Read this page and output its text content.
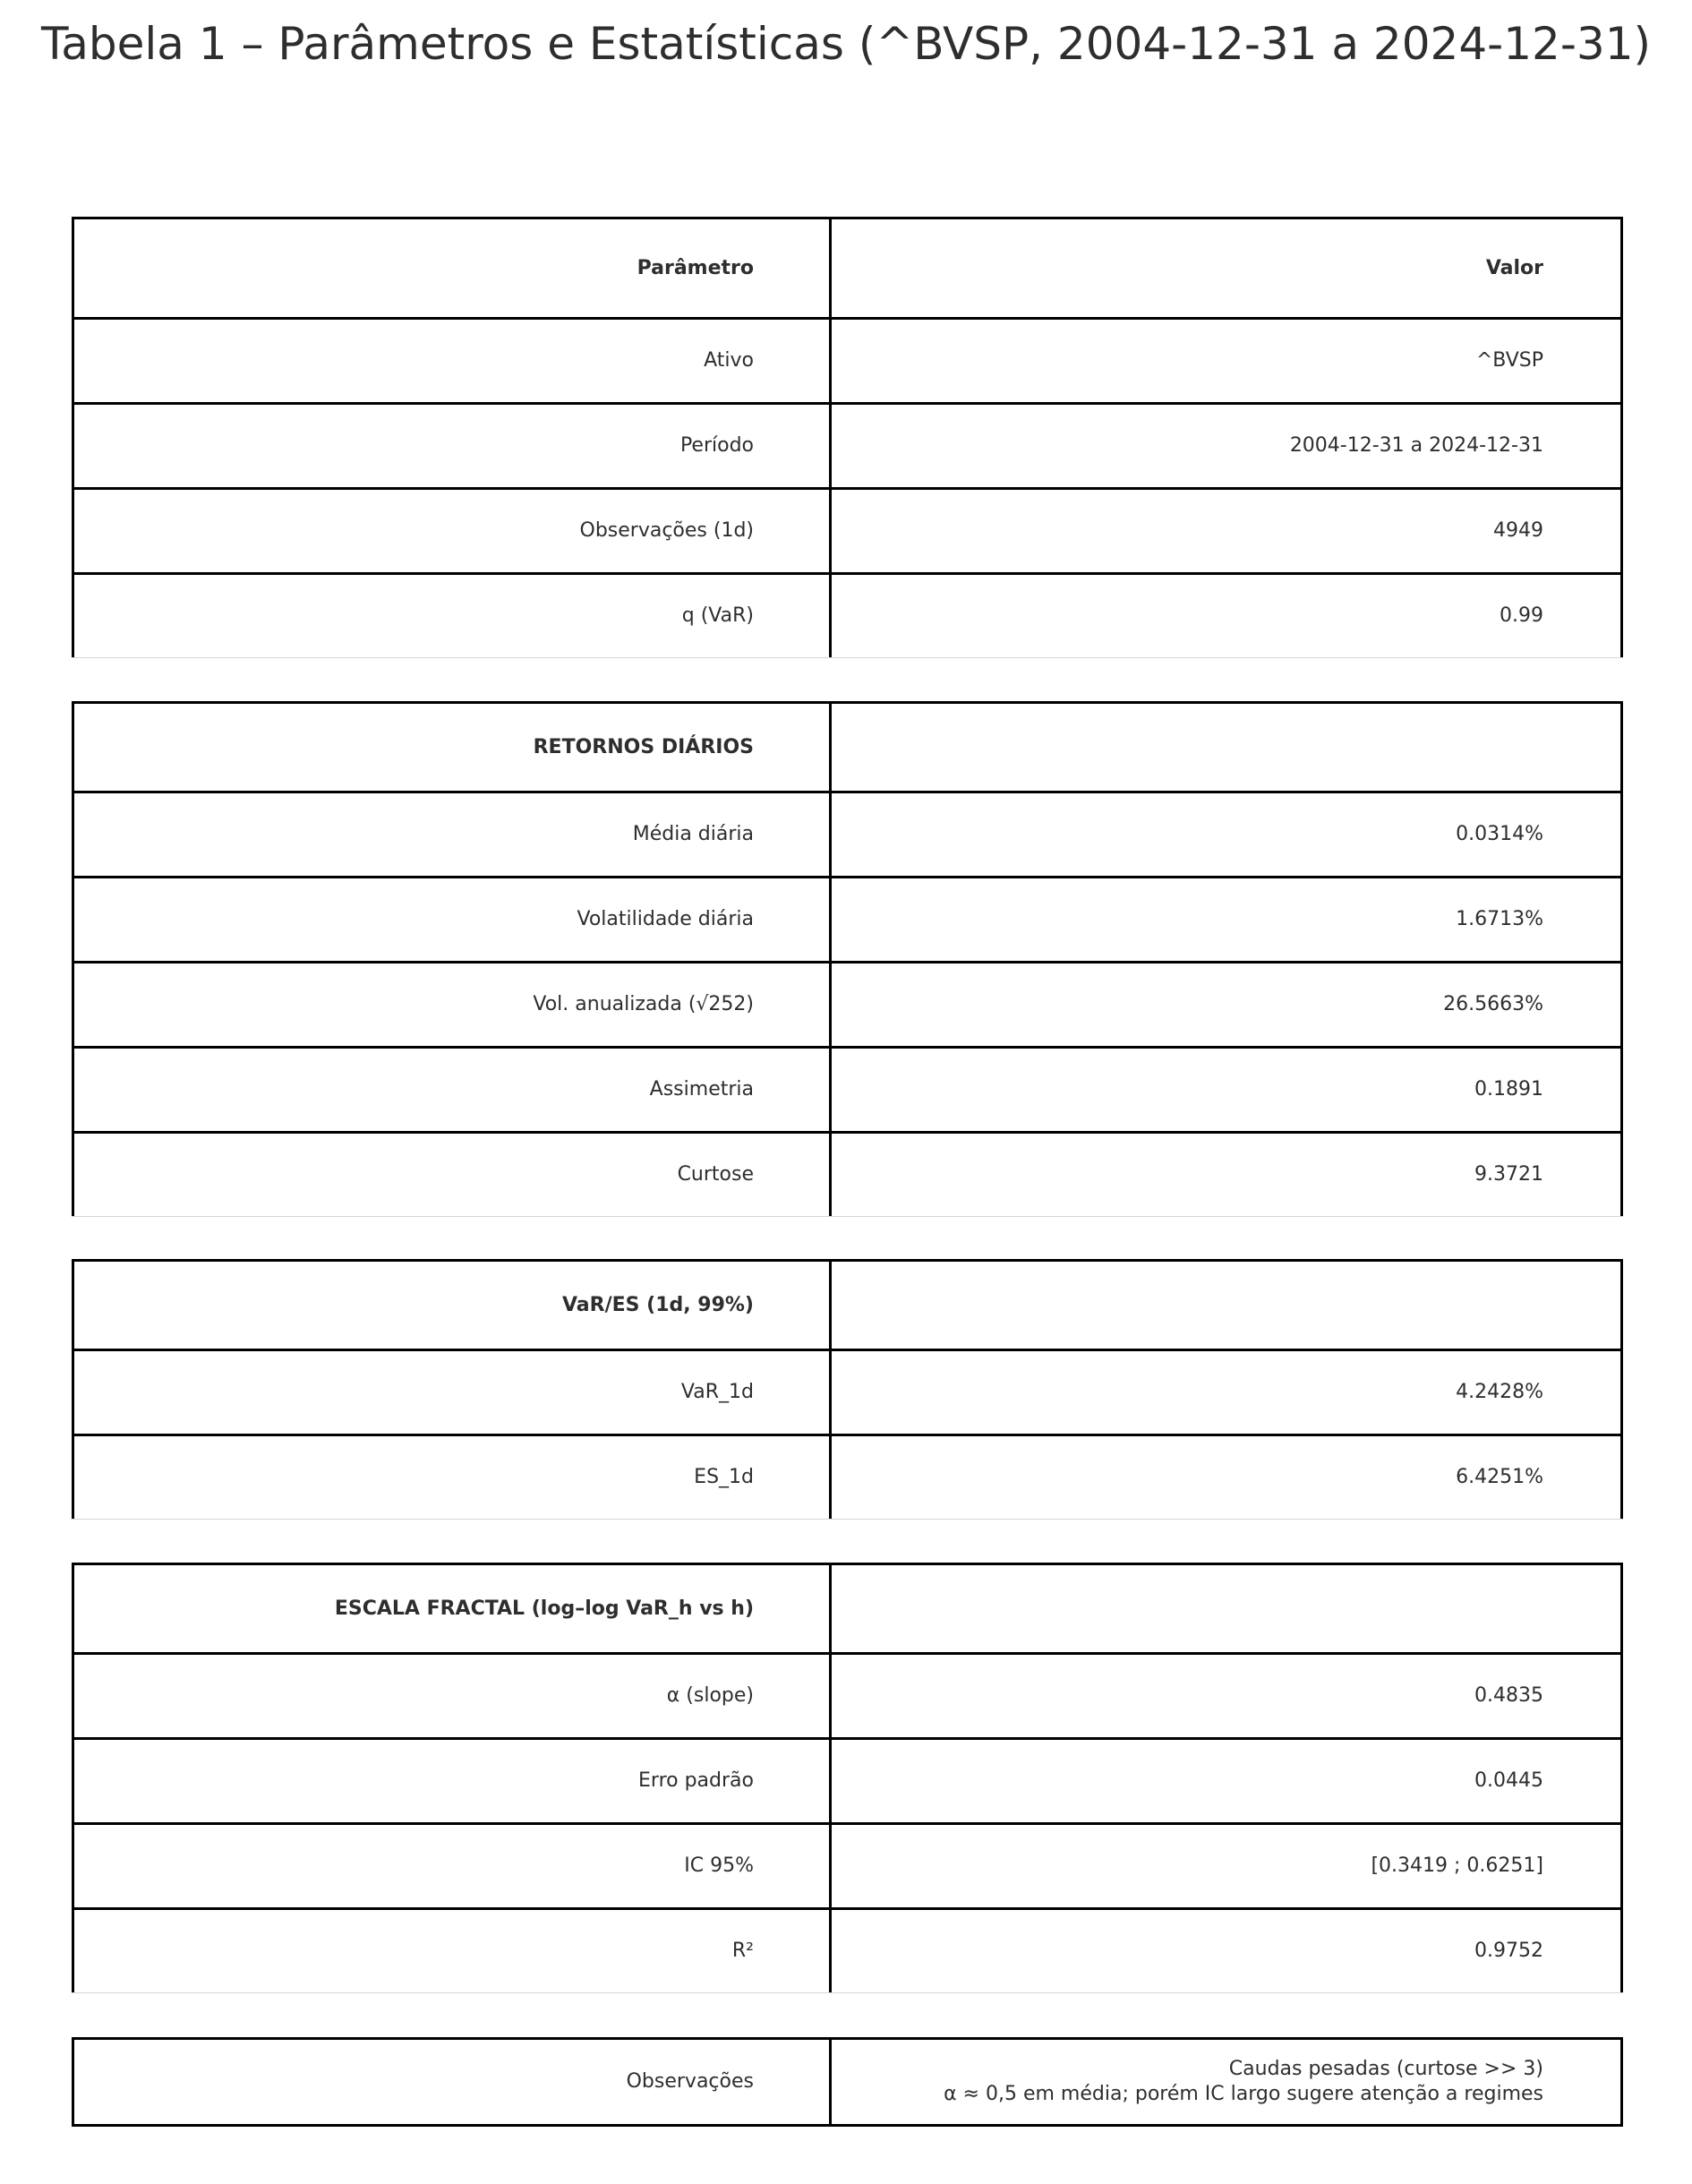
Tabela 1 – Parâmetros e Estatísticas (^BVSP, 2004-12-31 a 2024-12-31)
Parâmetro	Valor
Ativo	^BVSP
Período	2004-12-31 a 2024-12-31
Observações (1d)	4949
q (VaR)	0.99
RETORNOS DIÁRIOS
Média diária	0.0314%
Volatilidade diária	1.6713%
Vol. anualizada (√252)	26.5663%
Assimetria	0.1891
Curtose	9.3721
VaR/ES (1d, 99%)
VaR_1d	4.2428%
ES_1d	6.4251%
ESCALA FRACTAL (log–log VaR_h vs h)
α (slope)	0.4835
Erro padrão	0.0445
IC 95%	[0.3419 ; 0.6251]
R²	0.9752
Observações
Caudas pesadas (curtose >> 3)
α ≈ 0,5 em média; porém IC largo sugere atenção a regimes
